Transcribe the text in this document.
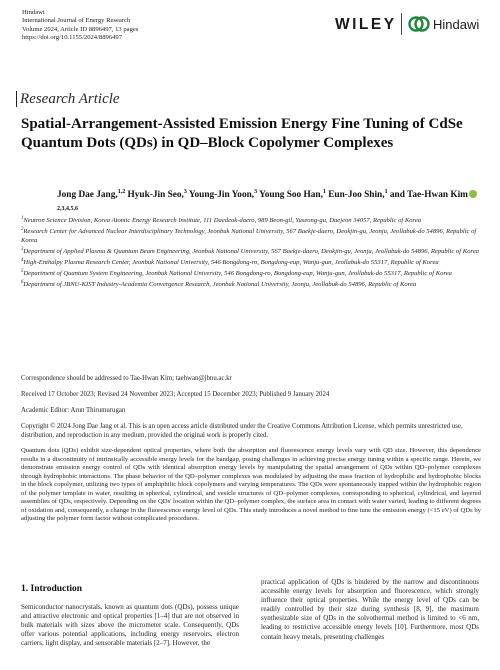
Hindawi
International Journal of Energy Research
Volume 2024, Article ID 8896497, 13 pages
https://doi.org/10.1155/2024/8896497
WILEY	Hindawi
Research Article
Spatial-Arrangement-Assisted Emission Energy Fine Tuning of CdSe Quantum Dots (QDs) in QD–Block Copolymer Complexes
Jong Dae Jang,$^{1,2}$ Hyuk-Jin Seo,$^3$ Young-Jin Yoon,$^3$ Young Soo Han,$^1$ Eun-Joo Shin,$^1$ and Tae-Hwan Kim$^{2,3,4,5,6}$
$^1$Neutron Science Division, Korea Atomic Energy Research Institute, 111 Daedeok-daero, 989 Beon-gil, Yuseong-gu, Daejeon 34057, Republic of Korea
$^2$Research Center for Advanced Nuclear Interdisciplinary Technology, Jeonbuk National University, 567 Baekje-daero, Deokjin-gu, Jeonju, Jeollabuk-do 54896, Republic of Korea
$^3$Department of Applied Plasma & Quantum Beam Engineering, Jeonbuk National University, 567 Baekje-daero, Deokjin-gu, Jeonju, Jeollabuk-do 54896, Republic of Korea
$^4$High-Enthalpy Plasma Research Center, Jeonbuk National University, 546 Bongdong-ro, Bongdong-eup, Wanju-gun, Jeollabuk-do 55317, Republic of Korea
$^5$Department of Quantum System Engineering, Jeonbuk National University, 546 Bongdong-ro, Bongdong-eup, Wanju-gun, Jeollabuk-do 55317, Republic of Korea
$^6$Department of JBNU-KIST Industry-Academia Convergence Research, Jeonbuk National University, Jeonju, Jeollabuk-do 54896, Republic of Korea
Correspondence should be addressed to Tae-Hwan Kim; taehwan@jbnu.ac.kr
Received 17 October 2023; Revised 24 November 2023; Accepted 15 December 2023; Published 9 January 2024
Academic Editor: Arun Thirumurugan
Copyright © 2024 Jong Dae Jang et al. This is an open access article distributed under the Creative Commons Attribution License, which permits unrestricted use, distribution, and reproduction in any medium, provided the original work is properly cited.

Quantum dots (QDs) exhibit size-dependent optical properties, where both the absorption and fluorescence energy levels vary with QD size. However, this dependence results in a discontinuity of intrinsically accessible energy levels for the bandgap, posing challenges in achieving precise energy tuning within a specific range. Herein, we demonstrate emission energy control of QDs with identical absorption energy levels by manipulating the spatial arrangement of QDs within QD–polymer complexes through hydrophobic interactions. The phase behavior of the QD–polymer complexes was modulated by adjusting the mass fraction of hydrophilic and hydrophobic blocks in the block copolymer, utilizing two types of amphiphilic block copolymers and varying temperatures. The QDs were spontaneously trapped within the hydrophobic region of the polymer template in water, resulting in spherical, cylindrical, and vesicle structures of QD–polymer complexes, corresponding to spherical, cylindrical, and layered assemblies of QDs, respectively. Depending on the QDs' location within the QD–polymer complex, the surface area in contact with water varied, leading to different degrees of oxidation and, consequently, a change in the fluorescence energy level of QDs. This study introduces a novel method to fine tune the emission energy (<15 eV) of QDs by adjusting the polymer form factor without complicated procedures.

1. Introduction

Semiconductor nanocrystals, known as quantum dots (QDs), possess unique and attractive electronic and optical properties [1–4] that are not observed in bulk materials with sizes above the micrometer scale. Consequently, QDs offer various potential applications, including energy reservoirs, electron carriers, light display, and sensorable materials [2–7]. However, the

practical application of QDs is hindered by the narrow and discontinuous accessible energy levels for absorption and fluorescence, which strongly influence their optical properties. While the energy level of QDs can be readily controlled by their size during synthesis [8, 9], the maximum synthesizable size of QDs in the solvothermal method is limited to <6 nm, leading to restrictive accessible energy levels [10]. Furthermore, most QDs contain heavy metals, presenting challenges
